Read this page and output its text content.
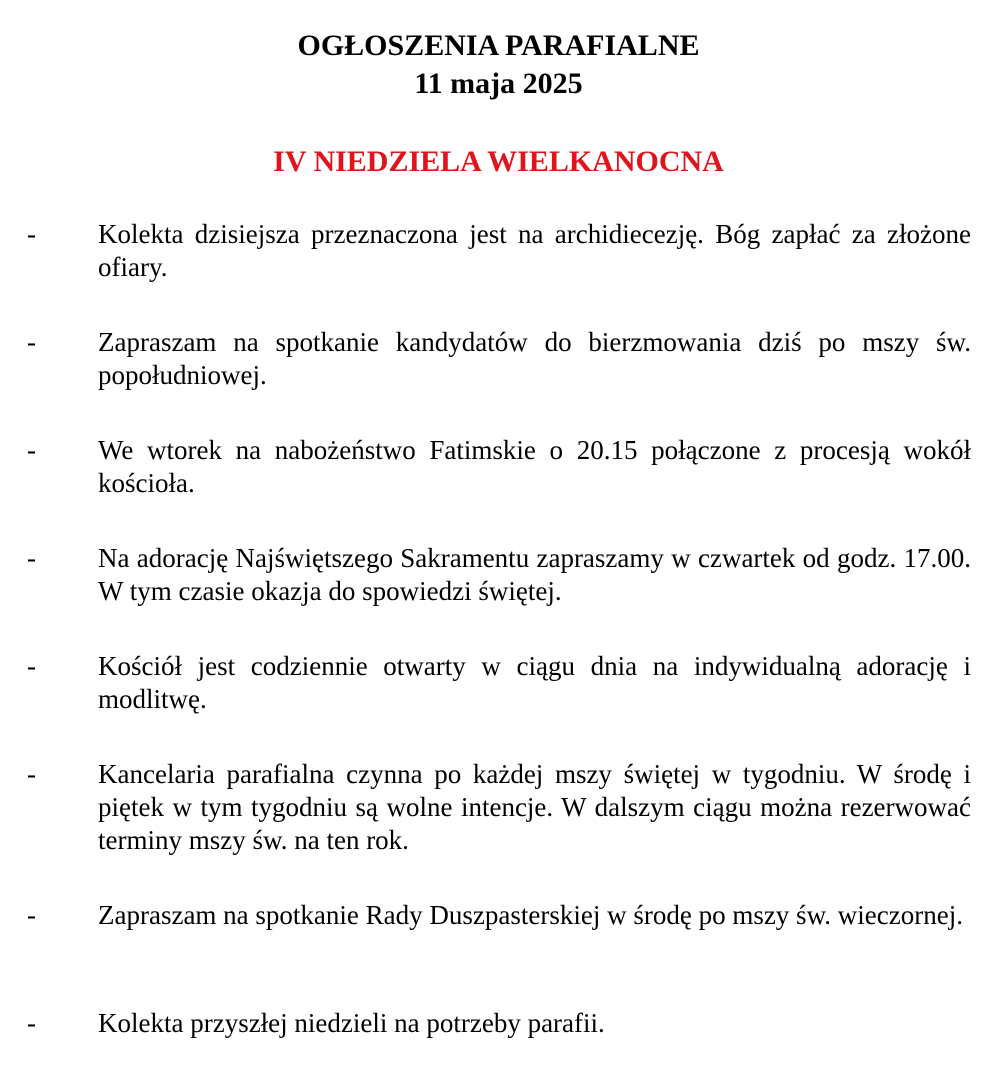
OGŁOSZENIA PARAFIALNE
11 maja 2025
IV NIEDZIELA WIELKANOCNA
- Kolekta dzisiejsza przeznaczona jest na archidiecezję. Bóg zapłać za złożone ofiary.
- Zapraszam na spotkanie kandydatów do bierzmowania dziś po mszy św. popołudniowej.
- We wtorek na nabożeństwo Fatimskie o 20.15 połączone z procesją wokół kościoła.
- Na adorację Najświętszego Sakramentu zapraszamy w czwartek od godz. 17.00. W tym czasie okazja do spowiedzi świętej.
- Kościół jest codziennie otwarty w ciągu dnia na indywidualną adorację i modlitwę.
- Kancelaria parafialna czynna po każdej mszy świętej w tygodniu. W środę i piętek w tym tygodniu są wolne intencje. W dalszym ciągu można rezerwować terminy mszy św. na ten rok.
- Zapraszam na spotkanie Rady Duszpasterskiej w środę po mszy św. wieczornej.
- Kolekta przyszłej niedzieli na potrzeby parafii.
